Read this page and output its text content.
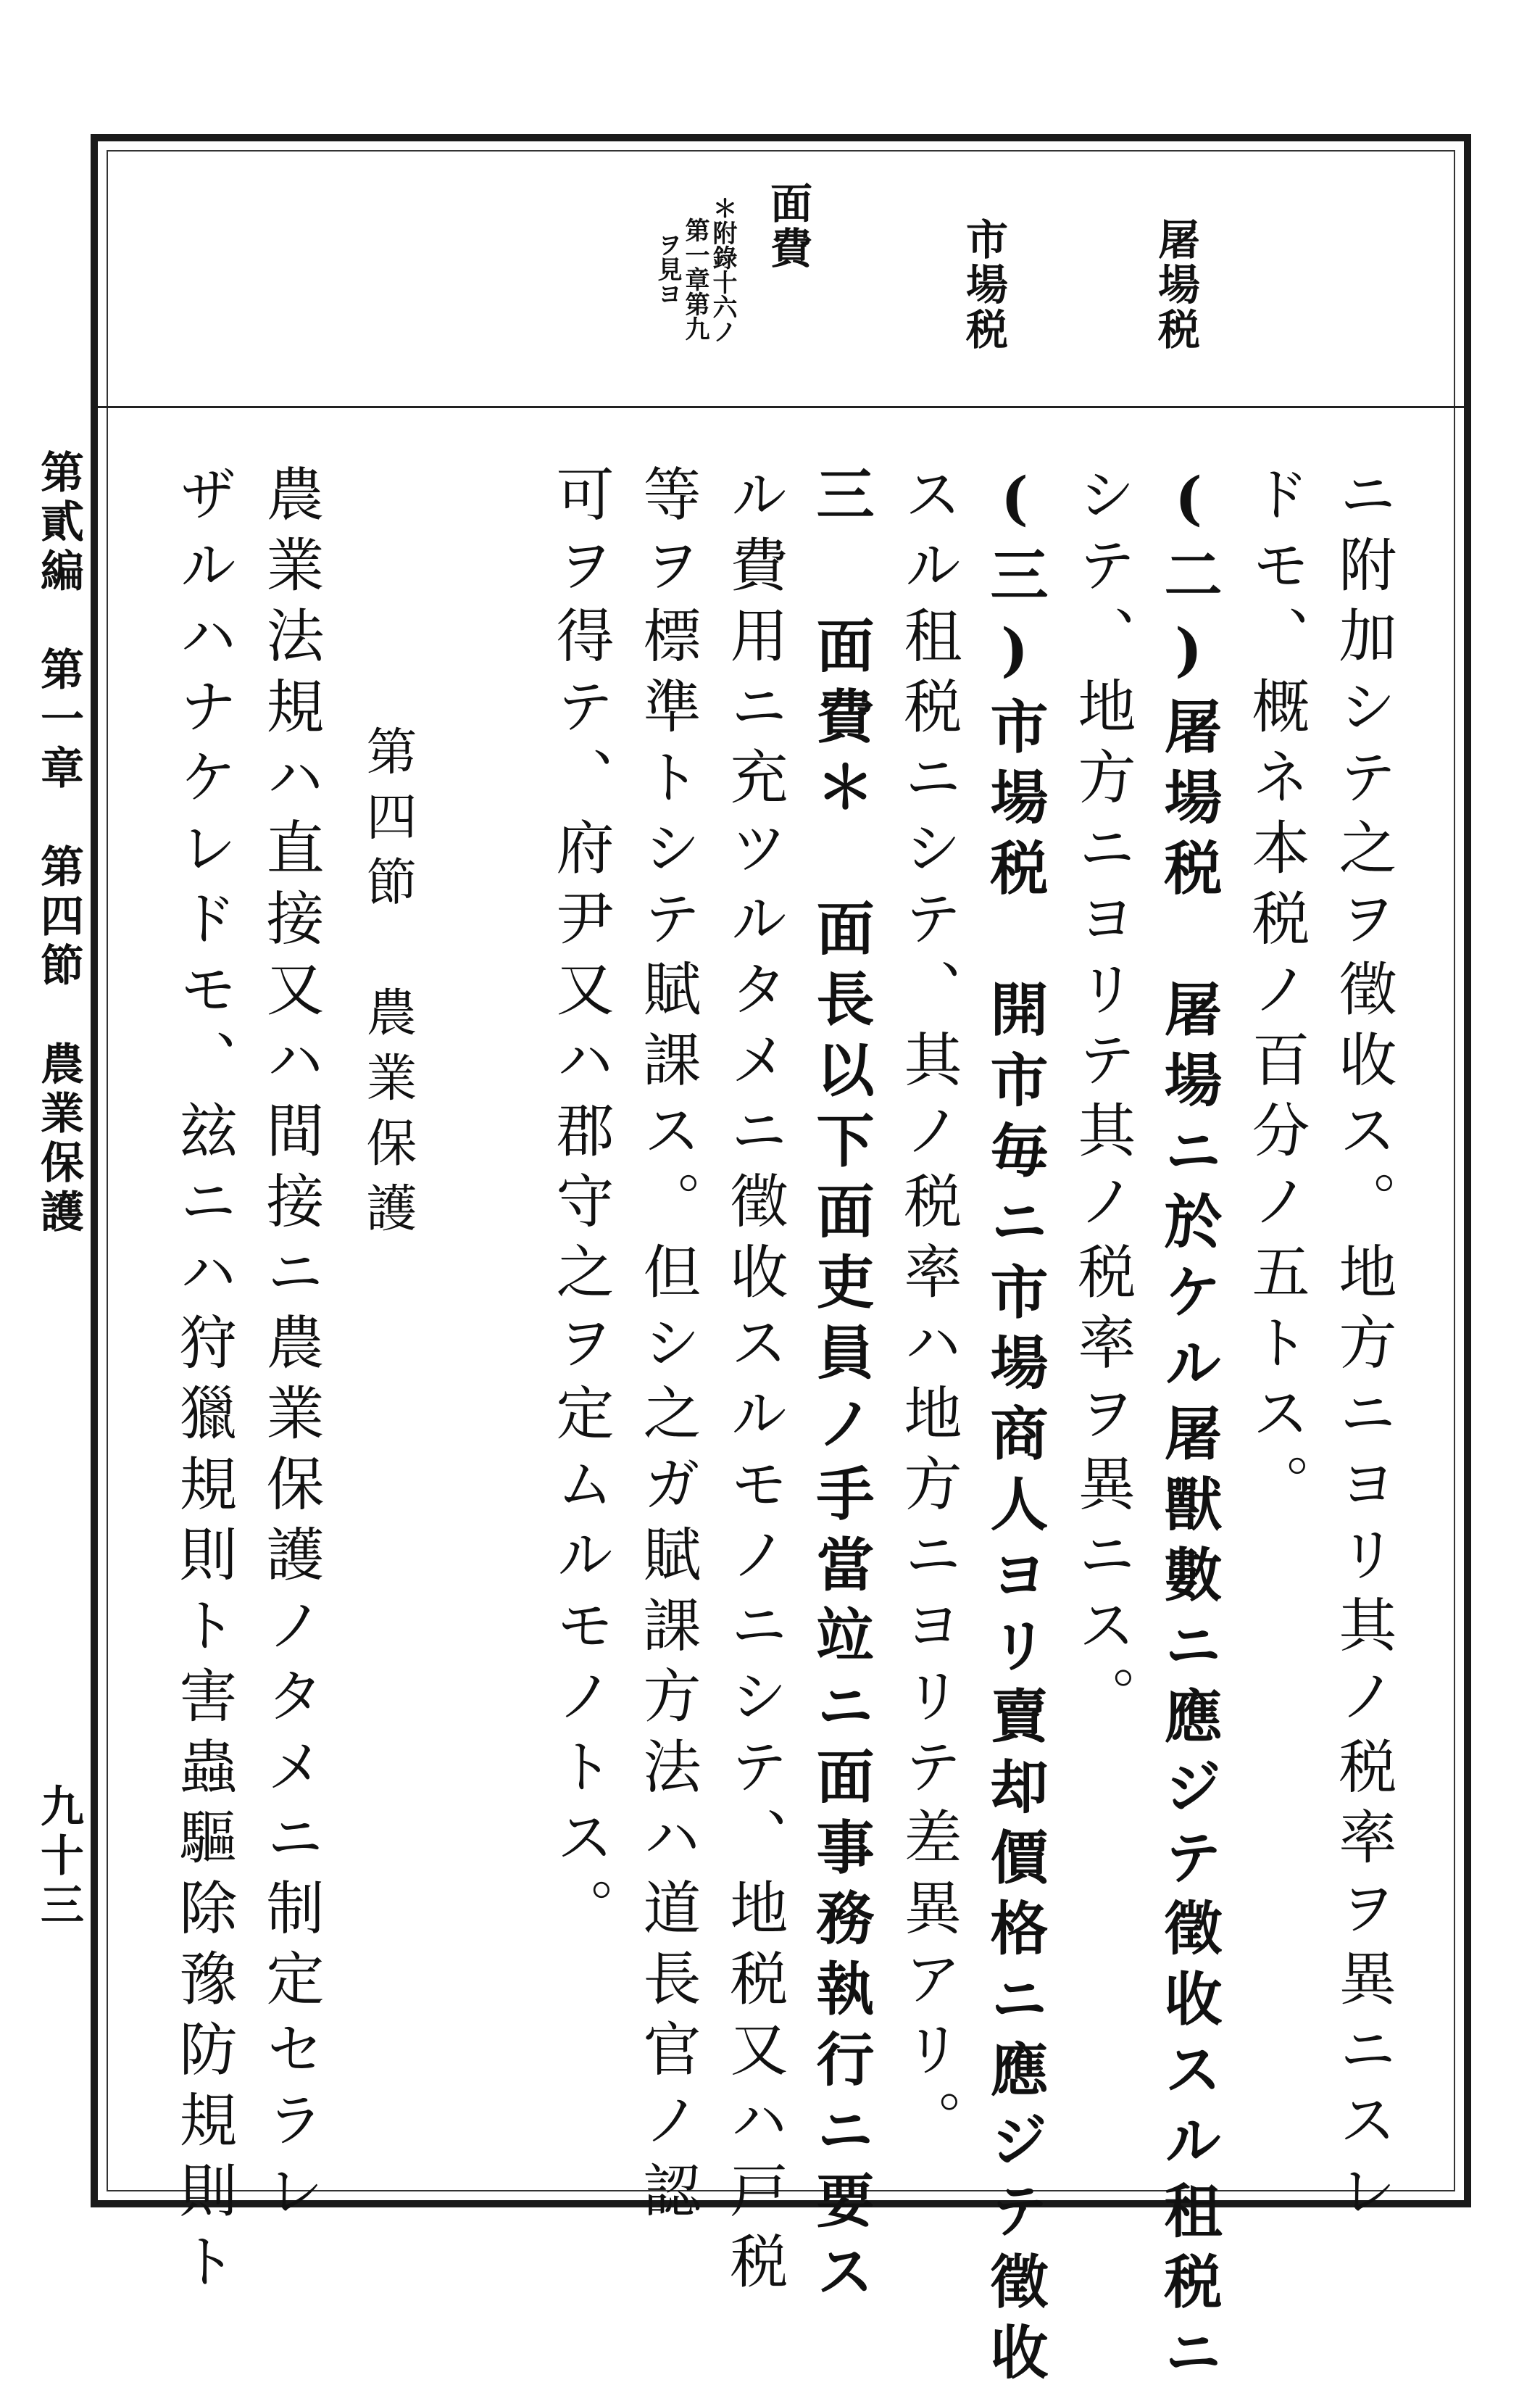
屠場税
市場税
面費
＊附錄十六ノ
第一章第九
ヲ見ヨ
ニ附加シテ之ヲ徵收ス。地方ニヨリ其ノ税率ヲ異ニスレ
ドモ、概ネ本税ノ百分ノ五トス。
(二)屠場税　屠場ニ於ケル屠獸數ニ應ジテ徵收スル租税ニ
シテ、地方ニヨリテ其ノ税率ヲ異ニス。
(三)市場税　開市毎ニ市場商人ヨリ賣却價格ニ應ジテ徵收
スル租税ニシテ、其ノ税率ハ地方ニヨリテ差異アリ。
三 面費＊　面長以下面吏員ノ手當竝ニ面事務執行ニ要ス
ル費用ニ充ツルタメニ徵收スルモノニシテ、地税又ハ戸税
等ヲ標準トシテ賦課ス。但シ之ガ賦課方法ハ道長官ノ認
可ヲ得テ、府尹又ハ郡守之ヲ定ムルモノトス。
第四節　農業保護
農業法規ハ直接又ハ間接ニ農業保護ノタメニ制定セラレ
ザルハナケレドモ、玆ニハ狩獵規則ト害蟲驅除豫防規則ト
第貳編　第一章　第四節　農業保護
九十三
